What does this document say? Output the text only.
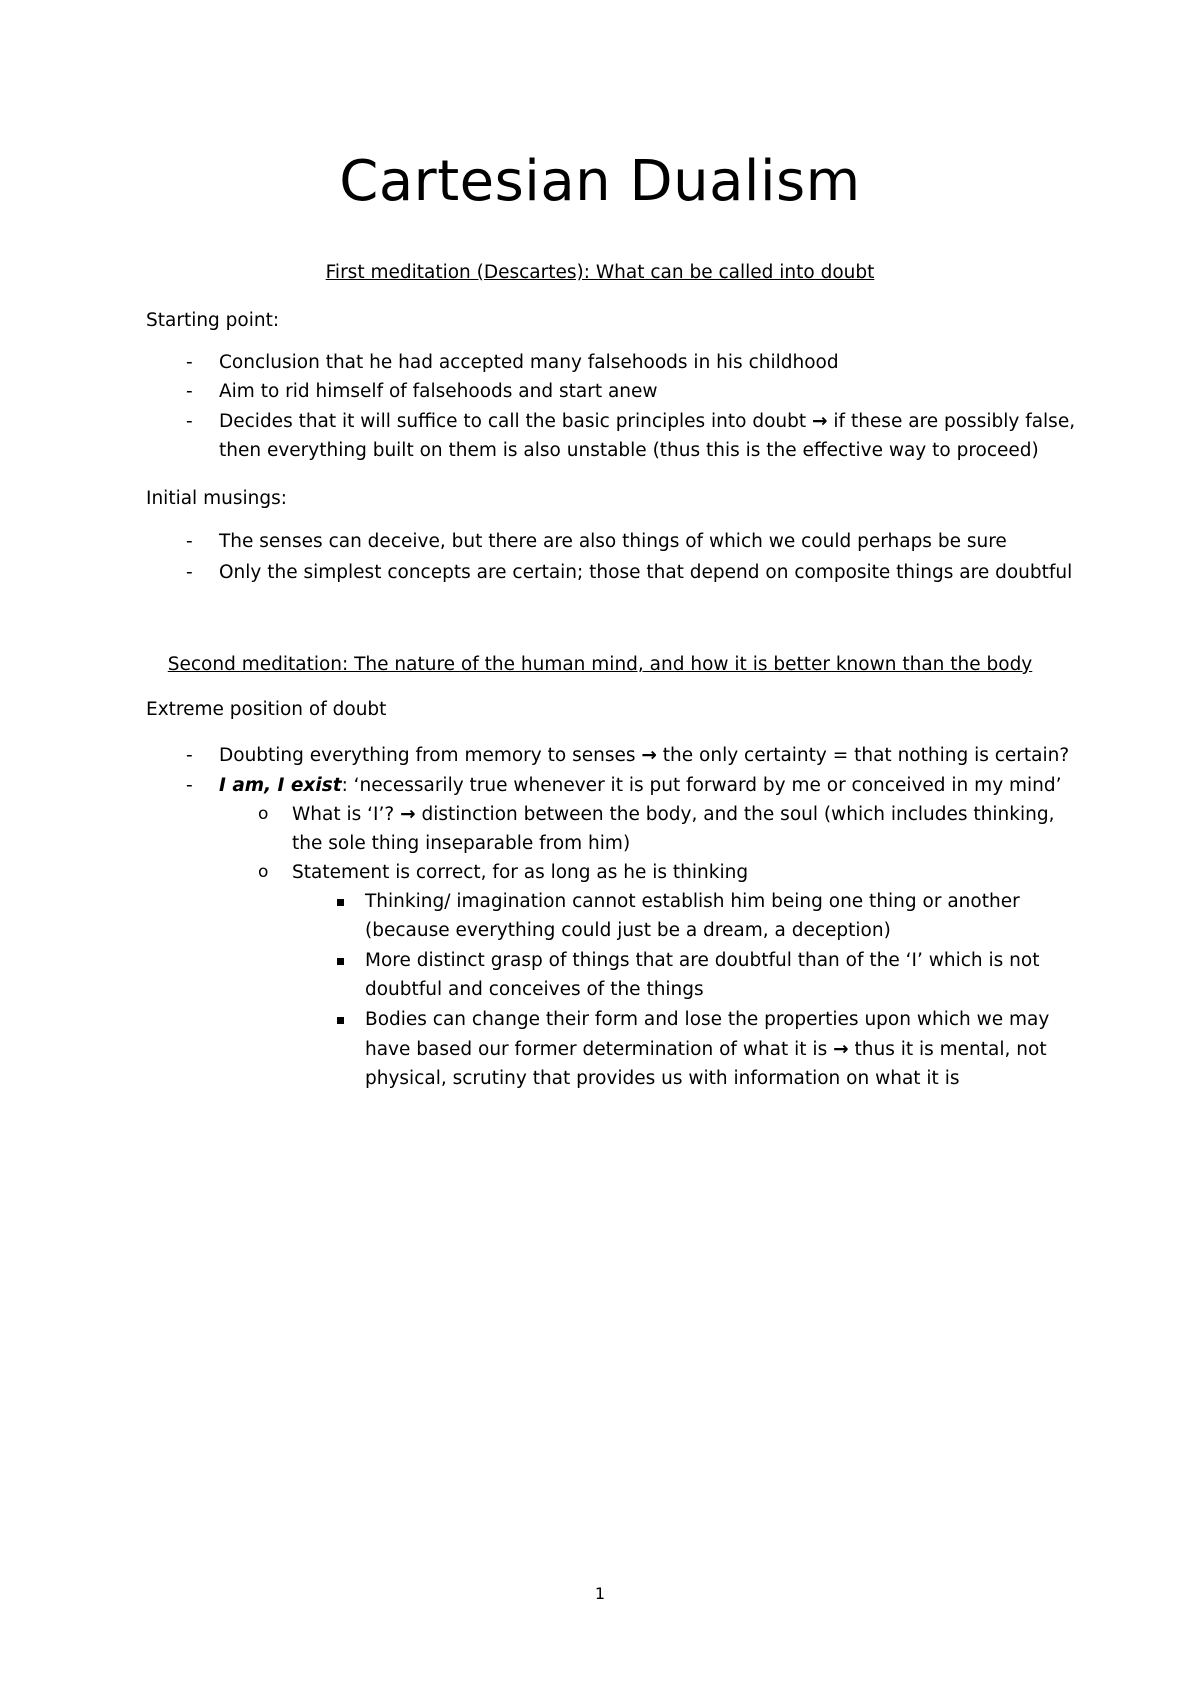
Cartesian Dualism
First meditation (Descartes): What can be called into doubt
Starting point:
- Conclusion that he had accepted many falsehoods in his childhood
- Aim to rid himself of falsehoods and start anew
- Decides that it will suffice to call the basic principles into doubt → if these are possibly false,
then everything built on them is also unstable (thus this is the effective way to proceed)
Initial musings:
- The senses can deceive, but there are also things of which we could perhaps be sure
- Only the simplest concepts are certain; those that depend on composite things are doubtful
Second meditation: The nature of the human mind, and how it is better known than the body
Extreme position of doubt
- Doubting everything from memory to senses → the only certainty = that nothing is certain?
- I am, I exist: ‘necessarily true whenever it is put forward by me or conceived in my mind’
o What is ‘I’? → distinction between the body, and the soul (which includes thinking,
the sole thing inseparable from him)
o Statement is correct, for as long as he is thinking
Thinking/ imagination cannot establish him being one thing or another
(because everything could just be a dream, a deception)
More distinct grasp of things that are doubtful than of the ‘I’ which is not
doubtful and conceives of the things
Bodies can change their form and lose the properties upon which we may
have based our former determination of what it is → thus it is mental, not
physical, scrutiny that provides us with information on what it is
1
